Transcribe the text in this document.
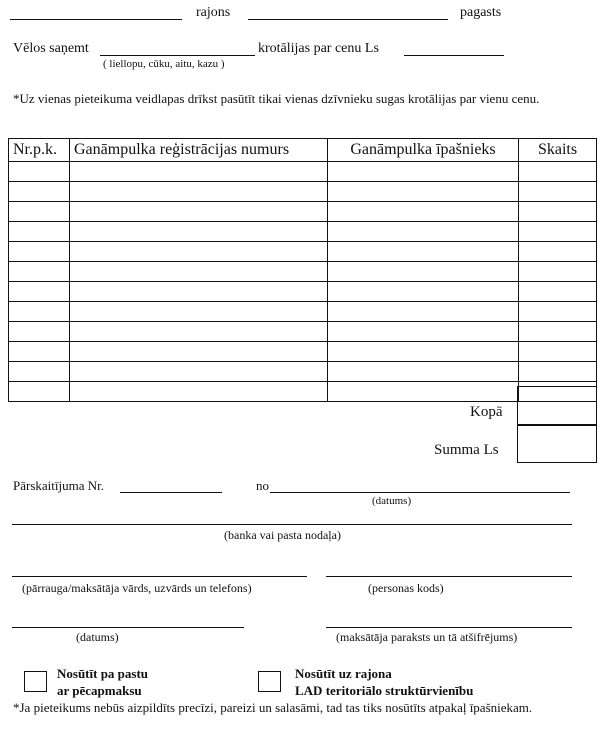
rajons	pagasts
Vēlos saņemt	krotālijas par cenu Ls
( liellopu, cūku, aitu, kazu )
*Uz vienas pieteikuma veidlapas drīkst pasūtīt tikai vienas dzīvnieku sugas krotālijas par vienu cenu.
Nr.p.k.	Ganāmpulka reģistrācijas numurs	Ganāmpulka īpašnieks	Skaits

Kopā
Summa Ls
Pārskaitījuma Nr.	no
(datums)
(banka vai pasta nodaļa)
(pārrauga/maksātāja vārds, uzvārds un telefons)	(personas kods)
(datums)	(maksātāja paraksts un tā atšifrējums)
Nosūtīt pa pastu
ar pēcapmaksu
Nosūtīt uz rajona
LAD teritoriālo struktūrvienību
*Ja pieteikums nebūs aizpildīts precīzi, pareizi un salasāmi, tad tas tiks nosūtīts atpakaļ īpašniekam.
